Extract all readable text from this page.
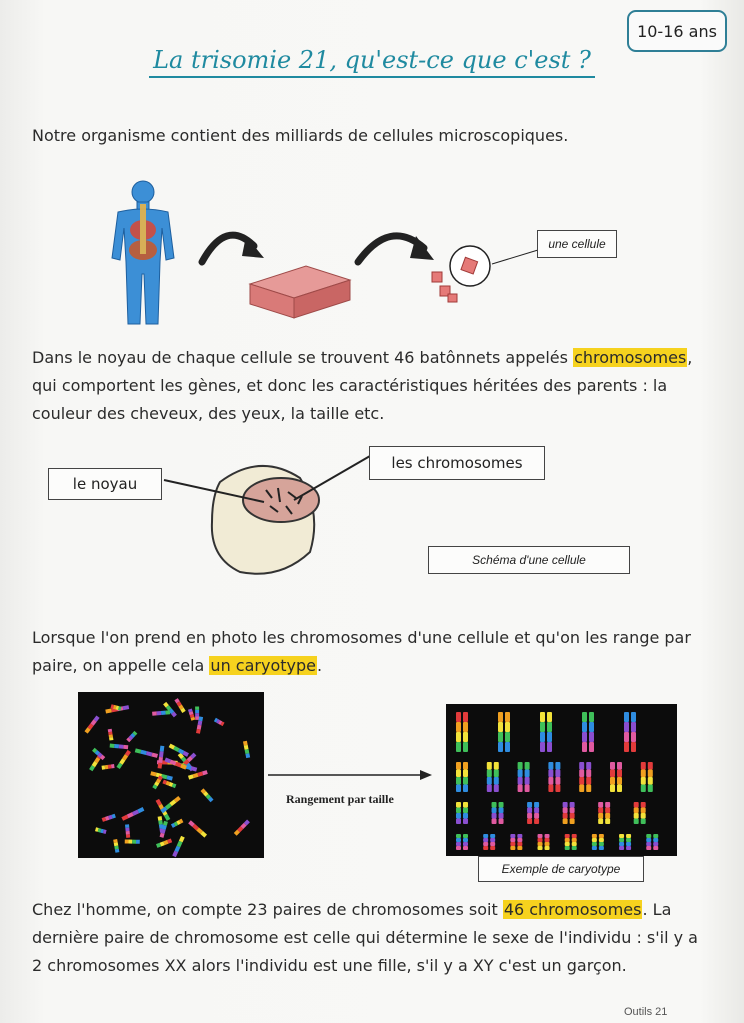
10-16 ans
La trisomie 21, qu'est-ce que c'est ?

Notre organisme contient des milliards de cellules microscopiques.

une cellule

Dans le noyau de chaque cellule se trouvent 46 batônnets appelés chromosomes, qui comportent les gènes, et donc les caractéristiques héritées des parents : la couleur des cheveux, des yeux, la taille etc.

le noyau
les chromosomes
Schéma d'une cellule

Lorsque l'on prend en photo les chromosomes d'une cellule et qu'on les range par paire, on appelle cela un caryotype.

Rangement par taille
Exemple de caryotype

Chez l'homme, on compte 23 paires de chromosomes soit 46 chromosomes. La dernière paire de chromosome est celle qui détermine le sexe de l'individu : s'il y a 2 chromosomes XX alors l'individu est une fille, s'il y a XY c'est un garçon.

Outils 21
